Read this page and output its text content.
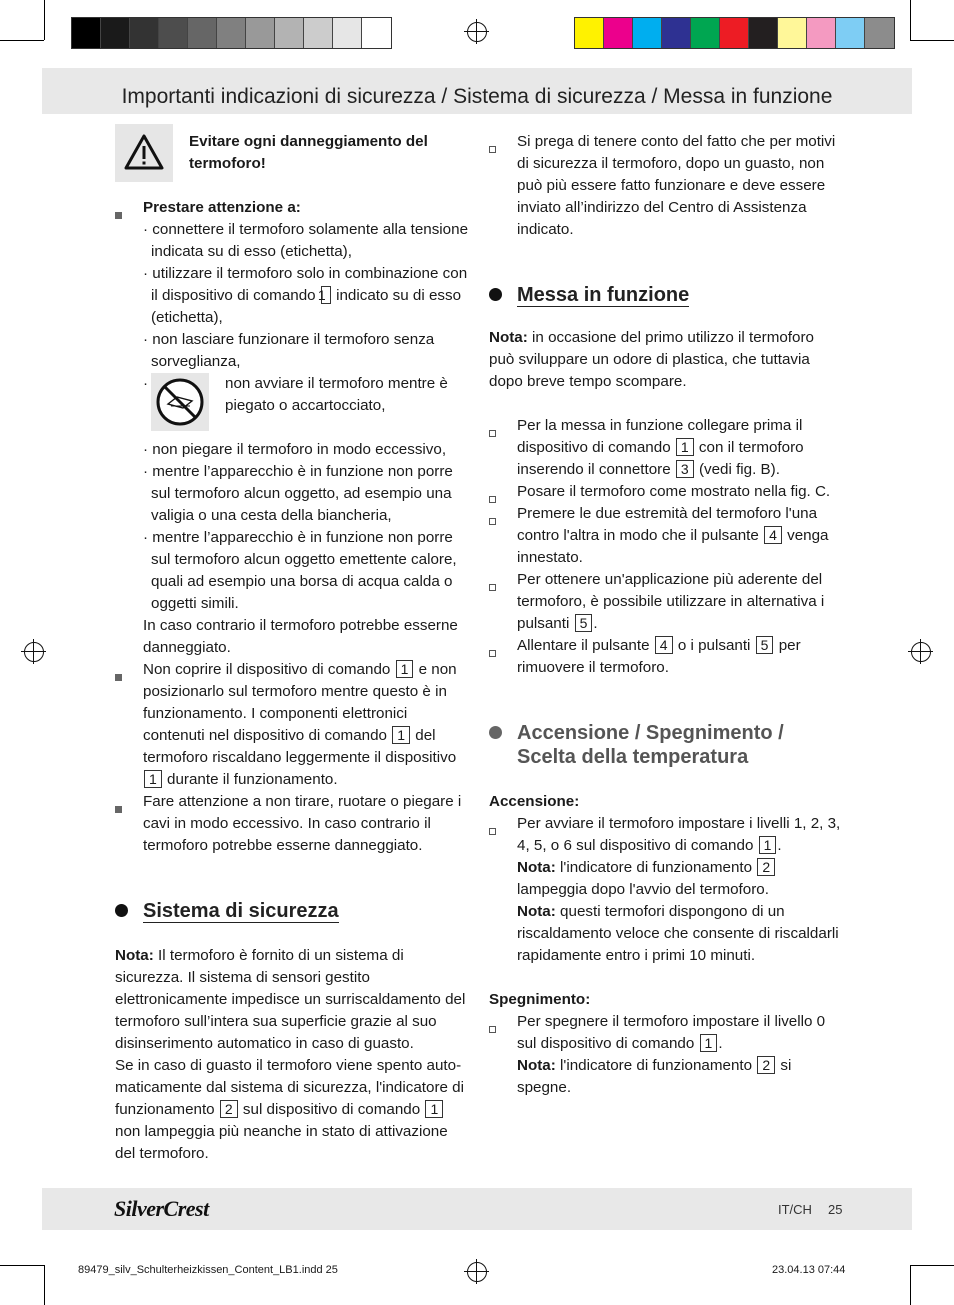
Importanti indicazioni di sicurezza / Sistema di sicurezza / Messa in funzione

Evitare ogni danneggiamento del termoforo!

Prestare attenzione a:

· connettere il termoforo solamente alla tensione indicata su di esso (etichetta),

· utilizzare il termoforo solo in combinazione con il dispositivo di comando 1 indicato su di esso (etichetta),

· non lasciare funzionare il termoforo senza sorveglianza,

·	non avviare il termoforo mentre è piegato o accartocciato,

· non piegare il termoforo in modo eccessivo,

· mentre l’apparecchio è in funzione non porre sul termoforo alcun oggetto, ad esempio una valigia o una cesta della biancheria,

· mentre l’apparecchio è in funzione non porre sul termoforo alcun oggetto emettente calore, quali ad esempio una borsa di acqua calda o oggetti simili.

In caso contrario il termoforo potrebbe esserne danneggiato.

Non coprire il dispositivo di comando 1 e non posizionarlo sul termoforo mentre questo è in funzionamento. I componenti elettronici contenuti nel dispositivo di comando 1 del termoforo riscaldano leggermente il dispositivo 1 durante il funzionamento.

Fare attenzione a non tirare, ruotare o piegare i cavi in modo eccessivo. In caso contrario il termoforo potrebbe esserne danneggiato.

Sistema di sicurezza

Nota: Il termoforo è fornito di un sistema di sicurezza. Il sistema di sensori gestito elettronicamente impedisce un surriscaldamento del termoforo sull’intera sua superficie grazie al suo disinserimento automatico in caso di guasto.

Se in caso di guasto il termoforo viene spento auto-maticamente dal sistema di sicurezza, l'indicatore di funzionamento 2 sul dispositivo di comando 1 non lampeggia più neanche in stato di attivazione del termoforo.

Si prega di tenere conto del fatto che per motivi di sicurezza il termoforo, dopo un guasto, non può più essere fatto funzionare e deve essere inviato all’indirizzo del Centro di Assistenza indicato.

Messa in funzione

Nota: in occasione del primo utilizzo il termoforo può sviluppare un odore di plastica, che tuttavia dopo breve tempo scompare.

Per la messa in funzione collegare prima il dispositivo di comando 1 con il termoforo inserendo il connettore 3 (vedi fig. B).

Posare il termoforo come mostrato nella fig. C.

Premere le due estremità del termoforo l'una contro l'altra in modo che il pulsante 4 venga innestato.

Per ottenere un'applicazione più aderente del termoforo, è possibile utilizzare in alternativa i pulsanti 5 .

Allentare il pulsante 4 o i pulsanti 5 per rimuovere il termoforo.

Accensione / Spegnimento /
Scelta della temperatura

Accensione:

Per avviare il termoforo impostare i livelli 1, 2, 3, 4, 5, o 6 sul dispositivo di comando 1 .

Nota: l'indicatore di funzionamento 2 lampeggia dopo l'avvio del termoforo.

Nota: questi termofori dispongono di un riscaldamento veloce che consente di riscaldarli rapidamente entro i primi 10 minuti.

Spegnimento:

Per spegnere il termoforo impostare il livello 0 sul dispositivo di comando 1 .

Nota: l'indicatore di funzionamento 2 si spegne.

SilverCrest	IT/CH 25
89479_silv_Schulterheizkissen_Content_LB1.indd 25	23.04.13 07:44
